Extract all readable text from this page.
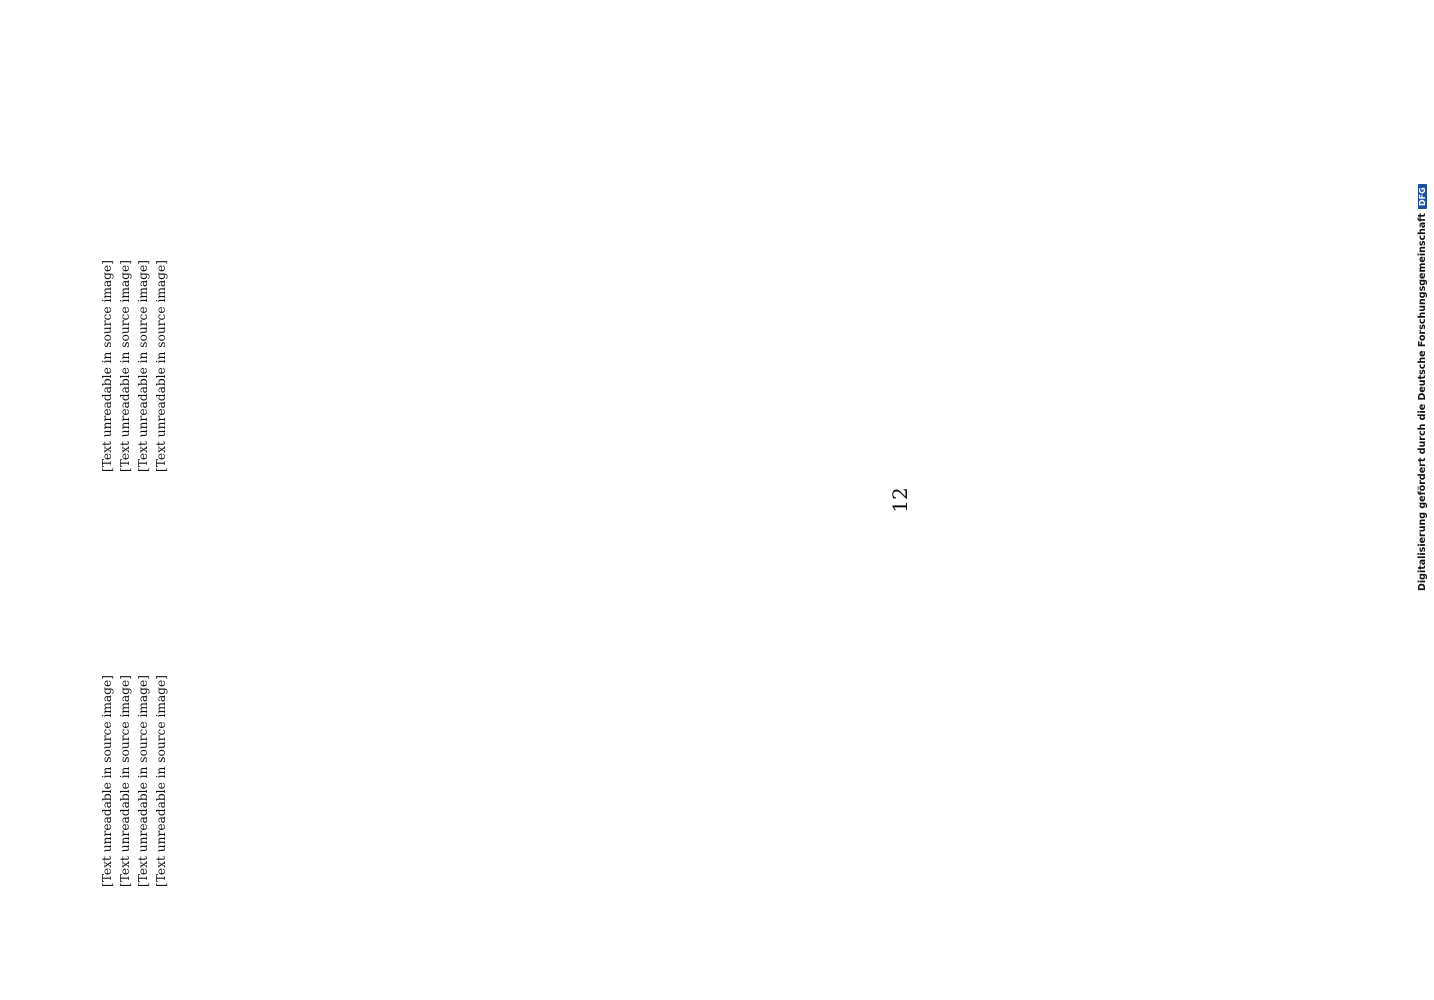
[Text unreadable in source image] [Text unreadable in source image] [Text unreadable in source image] [Text unreadable in source image]

[Text unreadable in source image] [Text unreadable in source image] [Text unreadable in source image] [Text unreadable in source image]

12	Digitalisierung gefördert durch die Deutsche Forschungsgemeinschaft
DFG
